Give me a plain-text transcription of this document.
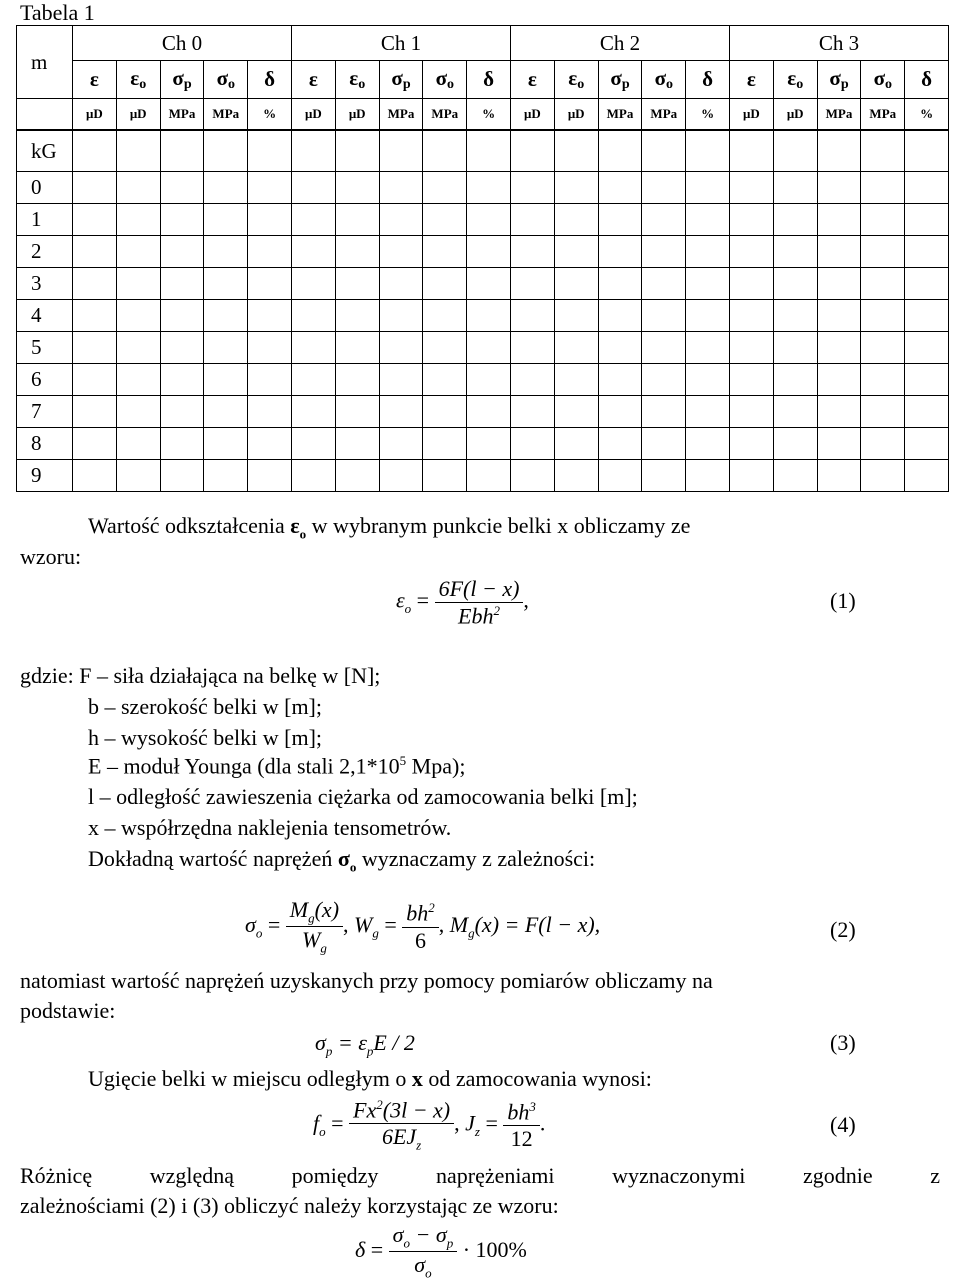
Tabela 1
m	Ch 0					Ch 1					Ch 2					Ch 3				
	ε	$\varepsilon_o$	$\sigma_p$	$\sigma_o$	δ	ε	$\varepsilon_o$	$\sigma_p$	$\sigma_o$	δ	ε	$\varepsilon_o$	$\sigma_p$	$\sigma_o$	δ	ε	$\varepsilon_o$	$\sigma_p$	$\sigma_o$	δ
	μD	μD	MPa	MPa	%	μD	μD	MPa	MPa	%	μD	μD	MPa	MPa	%	μD	μD	MPa	MPa	%
kG																				
0																				
1																				
2																				
3																				
4																				
5																				
6																				
7																				
8																				
9																				
Wartość odkształcenia $\varepsilon_o$ w wybranym punkcie belki x obliczamy ze
wzoru:
$\varepsilon_o = \frac{6F(l - x)}{Ebh^2}$ ,	(1)
gdzie: F – siła działająca na belkę w [N];
b – szerokość belki w [m];
h – wysokość belki w [m];
E – moduł Younga (dla stali $2,1*10^5$ Mpa);
l – odległość zawieszenia ciężarka od zamocowania belki [m];
x – współrzędna naklejenia tensometrów.
Dokładną wartość naprężeń $\sigma_o$ wyznaczamy z zależności:
$\sigma_o = \frac{M_g(x)}{W_g}$ , $W_g = \frac{bh^2}{6}$ , $M_g(x) = F(l - x)$,	(2)
natomiast wartość naprężeń uzyskanych przy pomocy pomiarów obliczamy na
podstawie:
$\sigma_p = \varepsilon_pE / 2$	(3)
Ugięcie belki w miejscu odległym o x od zamocowania wynosi:
$f_o = \frac{Fx^2(3l - x)}{6EJ_z}$ , $J_z = \frac{bh^3}{12}$ .	(4)
Różnicę względną pomiędzy naprężeniami wyznaczonymi zgodnie z
zależnościami (2) i (3) obliczyć należy korzystając ze wzoru:
$\delta = \frac{\sigma_o - \sigma_p}{\sigma_o} \cdot 100\%$
